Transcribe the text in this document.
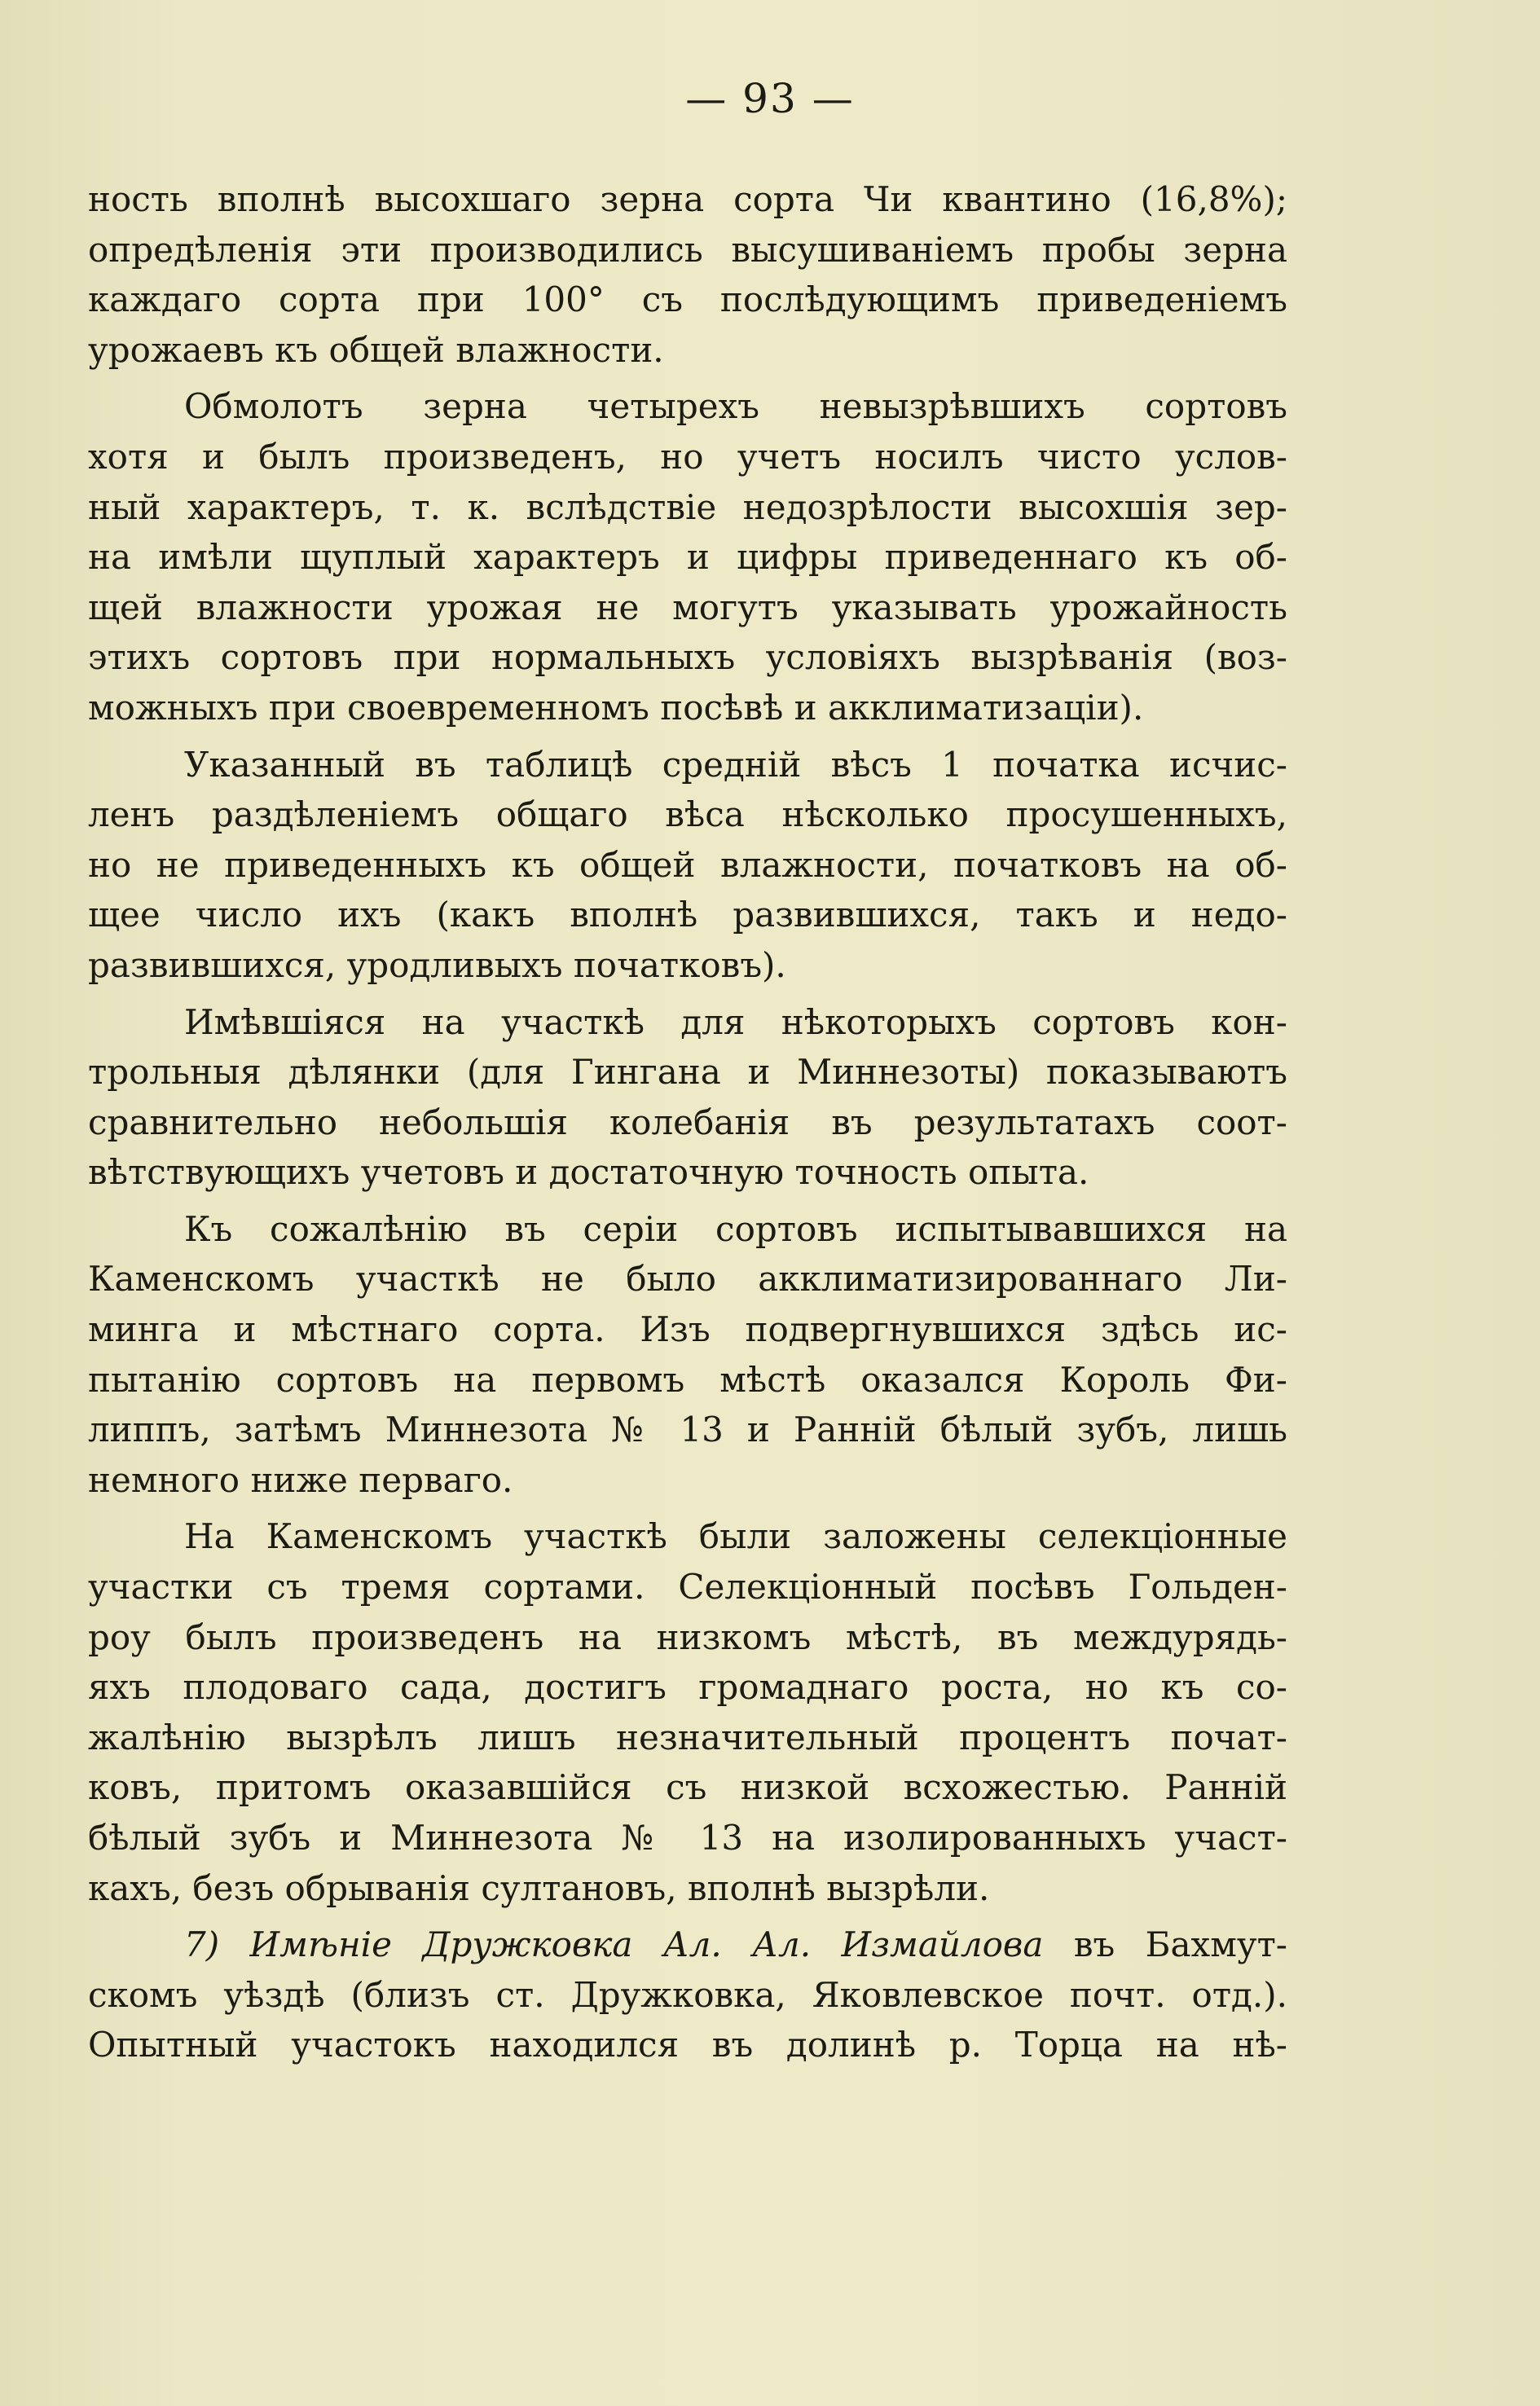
— 93 —
ность вполнѣ высохшаго зерна сорта Чи квантино (16,8%);
опредѣленія эти производились высушиваніемъ пробы зерна
каждаго сорта при 100° съ послѣдующимъ приведеніемъ
урожаевъ къ общей влажности.
Обмолотъ зерна четырехъ невызрѣвшихъ сортовъ
хотя и былъ произведенъ, но учетъ носилъ чисто услов-
ный характеръ, т. к. вслѣдствіе недозрѣлости высохшія зер-
на имѣли щуплый характеръ и цифры приведеннаго къ об-
щей влажности урожая не могутъ указывать урожайность
этихъ сортовъ при нормальныхъ условіяхъ вызрѣванія (воз-
можныхъ при своевременномъ посѣвѣ и акклиматизаціи).
Указанный въ таблицѣ средній вѣсъ 1 початка исчис-
ленъ раздѣленіемъ общаго вѣса нѣсколько просушенныхъ,
но не приведенныхъ къ общей влажности, початковъ на об-
щее число ихъ (какъ вполнѣ развившихся, такъ и недо-
развившихся, уродливыхъ початковъ).
Имѣвшіяся на участкѣ для нѣкоторыхъ сортовъ кон-
трольныя дѣлянки (для Гингана и Миннезоты) показываютъ
сравнительно небольшія колебанія въ результатахъ соот-
вѣтствующихъ учетовъ и достаточную точность опыта.
Къ сожалѣнію въ серіи сортовъ испытывавшихся на
Каменскомъ участкѣ не было акклиматизированнаго Ли-
минга и мѣстнаго сорта. Изъ подвергнувшихся здѣсь ис-
пытанію сортовъ на первомъ мѣстѣ оказался Король Фи-
липпъ, затѣмъ Миннезота № 13 и Ранній бѣлый зубъ, лишь
немного ниже перваго.
На Каменскомъ участкѣ были заложены селекціонные
участки съ тремя сортами. Селекціонный посѣвъ Гольден-
роу былъ произведенъ на низкомъ мѣстѣ, въ междурядь-
яхъ плодоваго сада, достигъ громаднаго роста, но къ со-
жалѣнію вызрѣлъ лишъ незначительный процентъ почат-
ковъ, притомъ оказавшійся съ низкой всхожестью. Ранній
бѣлый зубъ и Миннезота № 13 на изолированныхъ участ-
кахъ, безъ обрыванія султановъ, вполнѣ вызрѣли.
7) Имѣніе Дружковка Ал. Ал. Измайлова въ Бахмут-
скомъ уѣздѣ (близъ ст. Дружковка, Яковлевское почт. отд.).
Опытный участокъ находился въ долинѣ р. Торца на нѣ-
